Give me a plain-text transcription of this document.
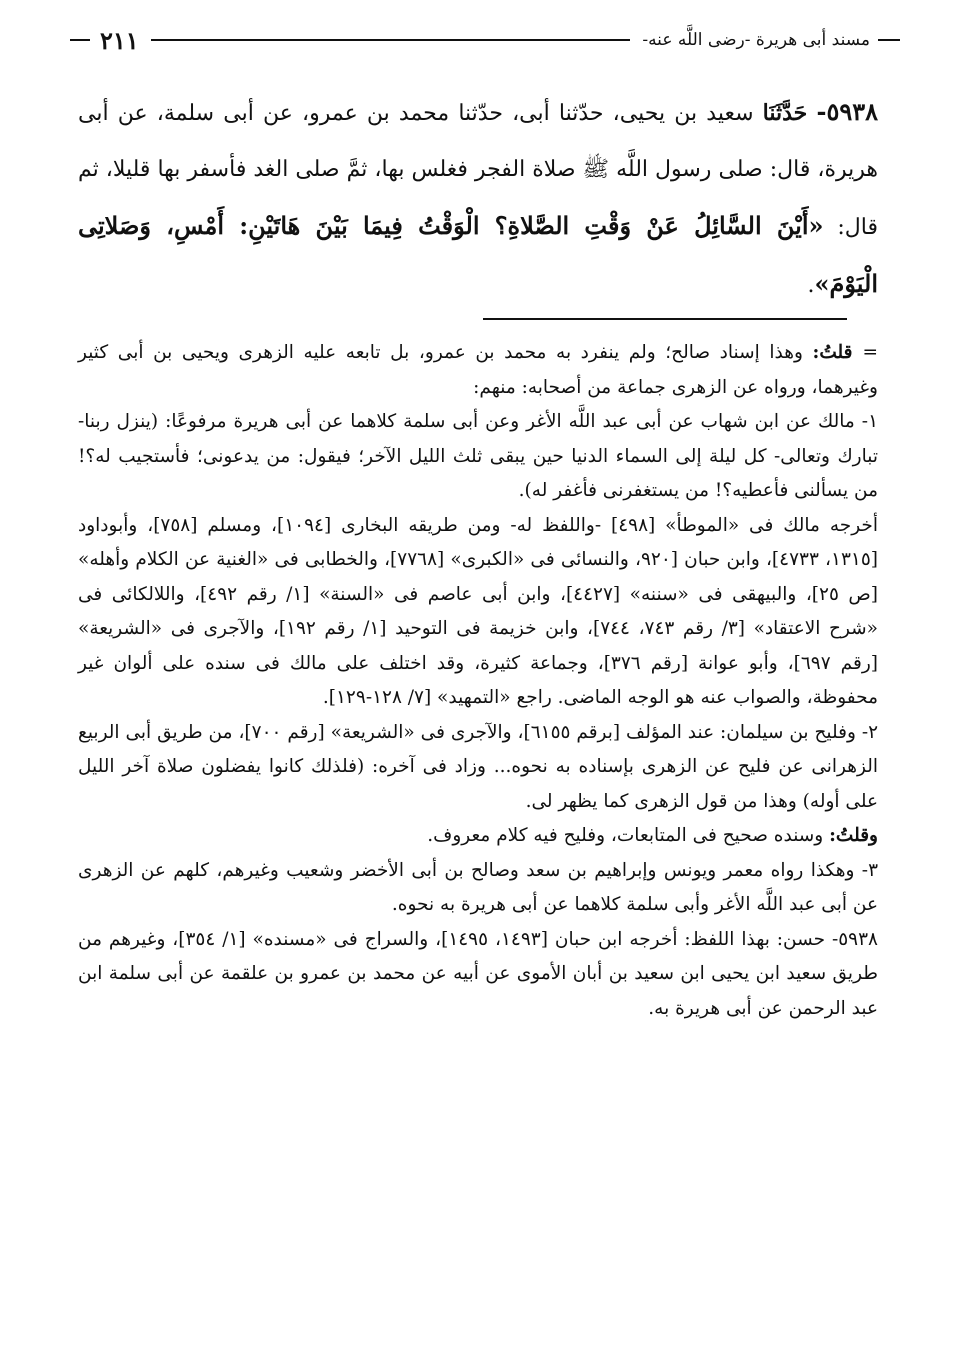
مسند أبى هريرة -رضى اللَّه عنه-
٢١١
٥٩٣٨- حَدَّثَنَا سعيد بن يحيى، حدّثنا أبى، حدّثنا محمد بن عمرو، عن أبى سلمة، عن أبى هريرة، قال: صلى رسول اللَّه ﷺ صلاة الفجر فغلس بها، ثمَّ صلى الغد فأسفر بها قليلا، ثم قال: «أَيْنَ السَّائِلُ عَنْ وَقْتِ الصَّلاةِ؟ الْوَقْتُ فِيمَا بَيْنَ هَاتَيْنِ: أَمْسِ، وَصَلاتِى الْيَوْمَ».

=قلتُ: وهذا إسناد صالح؛ ولم ينفرد به محمد بن عمرو، بل تابعه عليه الزهرى ويحيى بن أبى كثير وغيرهما، ورواه عن الزهرى جماعة من أصحابه: منهم:

١- مالك عن ابن شهاب عن أبى عبد اللَّه الأغر وعن أبى سلمة كلاهما عن أبى هريرة مرفوعًا: (ينزل ربنا- تبارك وتعالى- كل ليلة إلى السماء الدنيا حين يبقى ثلث الليل الآخر؛ فيقول: من يدعونى؛ فأستجيب له؟! من يسألنى فأعطيه؟! من يستغفرنى فأغفر له).

أخرجه مالك فى «الموطأ» [٤٩٨] -واللفظ له- ومن طريقه البخارى [١٠٩٤]، ومسلم [٧٥٨]، وأبوداود [١٣١٥، ٤٧٣٣]، وابن حبان [٩٢٠، والنسائى فى «الكبرى» [٧٧٦٨]، والخطابى فى «الغنية عن الكلام وأهله» [ص ٢٥]، والبيهقى فى «سننه» [٤٤٢٧]، وابن أبى عاصم فى «السنة» [١/ رقم ٤٩٢]، واللالكائى فى «شرح الاعتقاد» [٣/ رقم ٧٤٣، ٧٤٤]، وابن خزيمة فى التوحيد [١/ رقم ١٩٢]، والآجرى فى «الشريعة» [رقم ٦٩٧]، وأبو عوانة [رقم ٣٧٦]، وجماعة كثيرة، وقد اختلف على مالك فى سنده على ألوان غير محفوظة، والصواب عنه هو الوجه الماضى. راجع «التمهيد» [٧/ ١٢٨-١٢٩].

٢- وفليح بن سيلمان: عند المؤلف [برقم ٦١٥٥]، والآجرى فى «الشريعة» [رقم ٧٠٠]، من طريق أبى الربيع الزهرانى عن فليح عن الزهرى بإسناده به نحوه... وزاد فى آخره: (فلذلك كانوا يفضلون صلاة آخر الليل على أوله) وهذا من قول الزهرى كما يظهر لى.

وقلتُ: وسنده صحيح فى المتابعات، وفليح فيه كلام معروف.

٣- وهكذا رواه معمر ويونس وإبراهيم بن سعد وصالح بن أبى الأخضر وشعيب وغيرهم، كلهم عن الزهرى عن أبى عبد اللَّه الأغر وأبى سلمة كلاهما عن أبى هريرة به نحوه.

٥٩٣٨- حسن: بهذا اللفظ: أخرجه ابن حبان [١٤٩٣، ١٤٩٥]، والسراج فى «مسنده» [١/ ٣٥٤]، وغيرهم من طريق سعيد ابن يحيى ابن سعيد بن أبان الأموى عن أبيه عن محمد بن عمرو بن علقمة عن أبى سلمة ابن عبد الرحمن عن أبى هريرة به.
